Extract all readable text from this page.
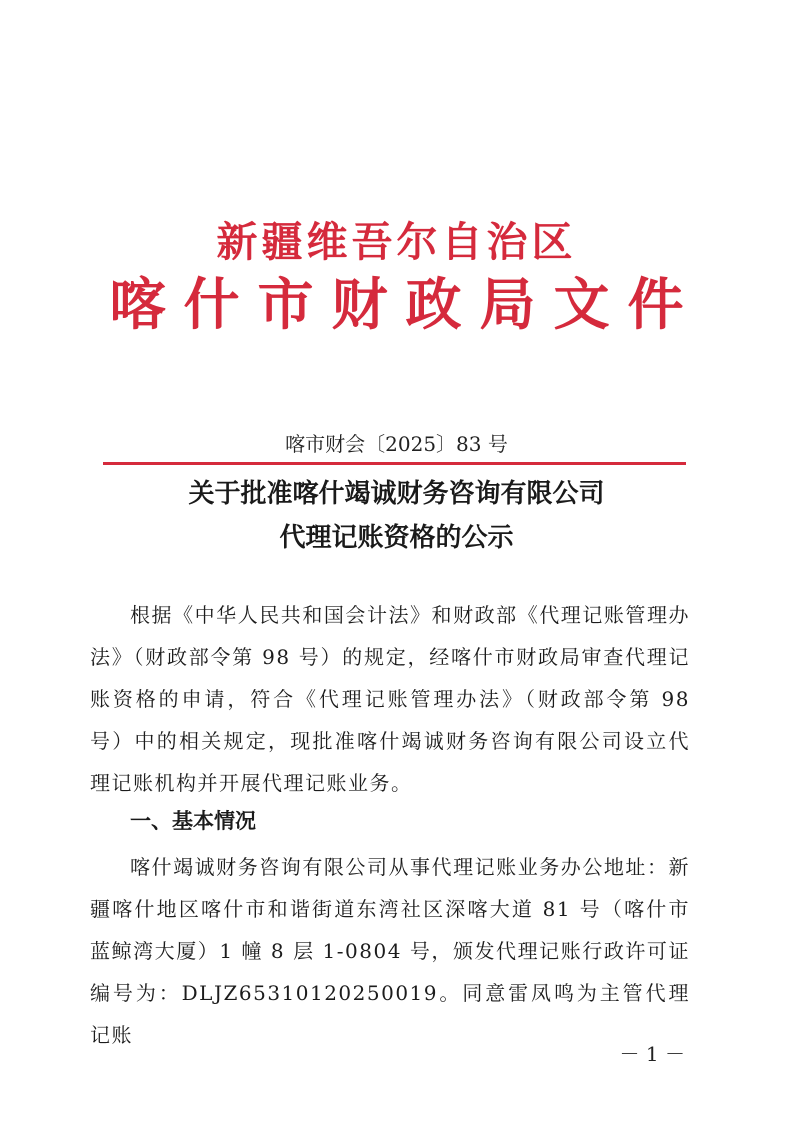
新疆维吾尔自治区
喀什市财政局文件
喀市财会〔2025〕83 号
关于批准喀什竭诚财务咨询有限公司
代理记账资格的公示

根据《中华人民共和国会计法》和财政部《代理记账管理办法》（财政部令第 98 号）的规定，经喀什市财政局审查代理记账资格的申请，符合《代理记账管理办法》（财政部令第 98 号）中的相关规定，现批准喀什竭诚财务咨询有限公司设立代理记账机构并开展代理记账业务。

一、基本情况

喀什竭诚财务咨询有限公司从事代理记账业务办公地址：新疆喀什地区喀什市和谐街道东湾社区深喀大道 81 号（喀什市蓝鲸湾大厦）1 幢 8 层 1-0804 号，颁发代理记账行政许可证编号为：DLJZ65310120250019。同意雷凤鸣为主管代理记账

－ 1 －
